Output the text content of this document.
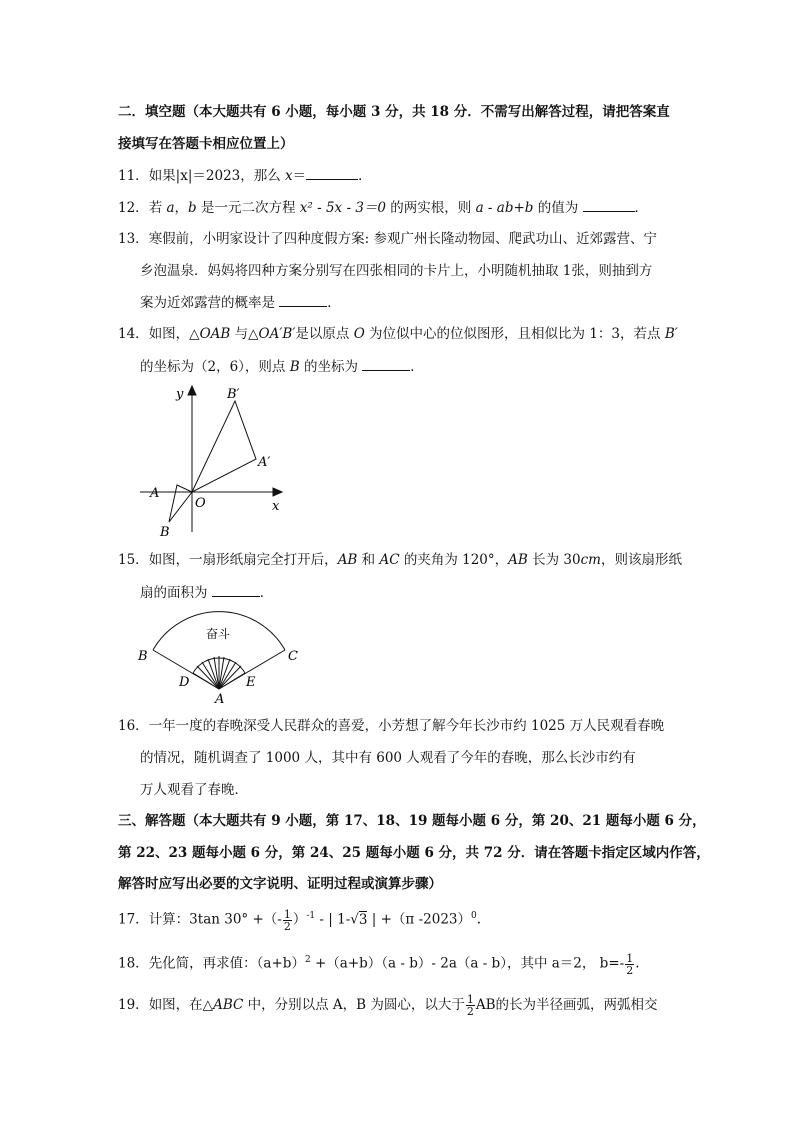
二．填空题（本大题共有 6 小题，每小题 3 分，共 18 分．不需写出解答过程，请把答案直
接填写在答题卡相应位置上）
11．如果|x|＝2023，那么 x＝	．
12．若 a，b 是一元二次方程 x² - 5x - 3＝0 的两实根，则 a - ab+b 的值为	．
13．寒假前，小明家设计了四种度假方案: 参观广州长隆动物园、爬武功山、近郊露营、宁
乡泡温泉．妈妈将四种方案分别写在四张相同的卡片上，小明随机抽取 1张，则抽到方
案为近郊露营的概率是	．
14．如图，△OAB 与△OA′B′是以原点 O 为位似中心的位似图形，且相似比为 1：3，若点 B′
的坐标为（2，6），则点 B 的坐标为	．
y
x
O
A
B
A′
B′
15．如图，一扇形纸扇完全打开后，AB 和 AC 的夹角为 120°，AB 长为 30cm，则该扇形纸
扇的面积为	．
奋斗
B	C
D	E
A
16．一年一度的春晚深受人民群众的喜爱，小芳想了解今年长沙市约 1025 万人民观看春晚
的情况，随机调查了 1000 人，其中有 600 人观看了今年的春晚，那么长沙市约有
万人观看了春晚．
三、解答题（本大题共有 9 小题，第 17、18、19 题每小题 6 分，第 20、21 题每小题 6 分，
第 22、23 题每小题 6 分，第 24、25 题每小题 6 分，共 72 分．请在答题卡指定区域内作答，
解答时应写出必要的文字说明、证明过程或演算步骤）
17．计算：3tan 30° +（- $\frac{1}{2} )^{-1}$ - | 1-√3 | +（π -2023）$^0$.
18．先化简，再求值：$(a+b)^2 +(a+b)(a - b)-$ 2a（a - b），其中 a＝2， $b=- \frac{1}{2}$ .
19．如图，在△ABC 中，分别以点 A，B 为圆心，以大于 $\frac{1}{2}$ AB的长为半径画弧，两弧相交
